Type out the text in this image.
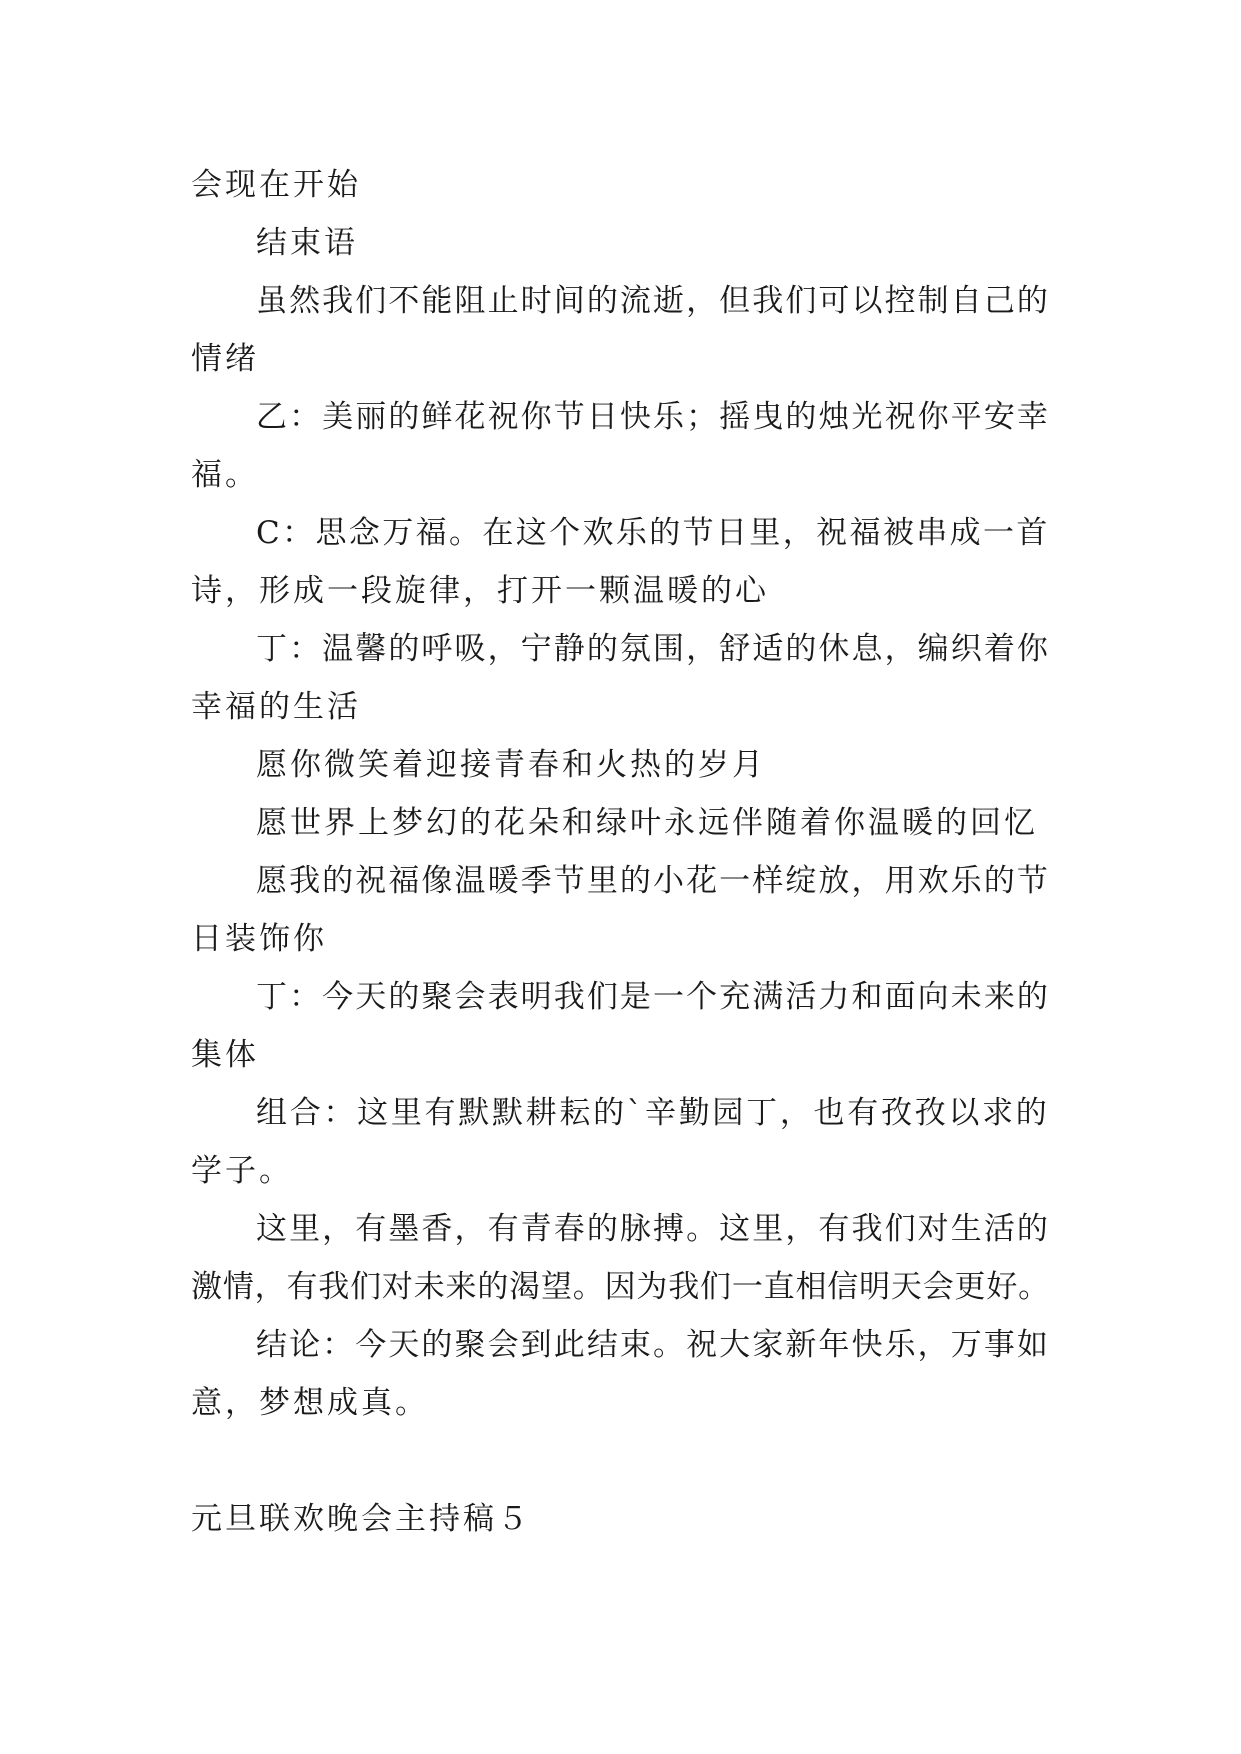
会现在开始
结束语
虽然我们不能阻止时间的流逝，但我们可以控制自己的
情绪
乙：美丽的鲜花祝你节日快乐；摇曳的烛光祝你平安幸
福。
C：思念万福。在这个欢乐的节日里，祝福被串成一首
诗，形成一段旋律，打开一颗温暖的心
丁：温馨的呼吸，宁静的氛围，舒适的休息，编织着你
幸福的生活
愿你微笑着迎接青春和火热的岁月
愿世界上梦幻的花朵和绿叶永远伴随着你温暖的回忆
愿我的祝福像温暖季节里的小花一样绽放，用欢乐的节
日装饰你
丁：今天的聚会表明我们是一个充满活力和面向未来的
集体
组合：这里有默默耕耘的`辛勤园丁，也有孜孜以求的
学子。
这里，有墨香，有青春的脉搏。这里，有我们对生活的
激情，有我们对未来的渴望。因为我们一直相信明天会更好。
结论：今天的聚会到此结束。祝大家新年快乐，万事如
意，梦想成真。
元旦联欢晚会主持稿５
